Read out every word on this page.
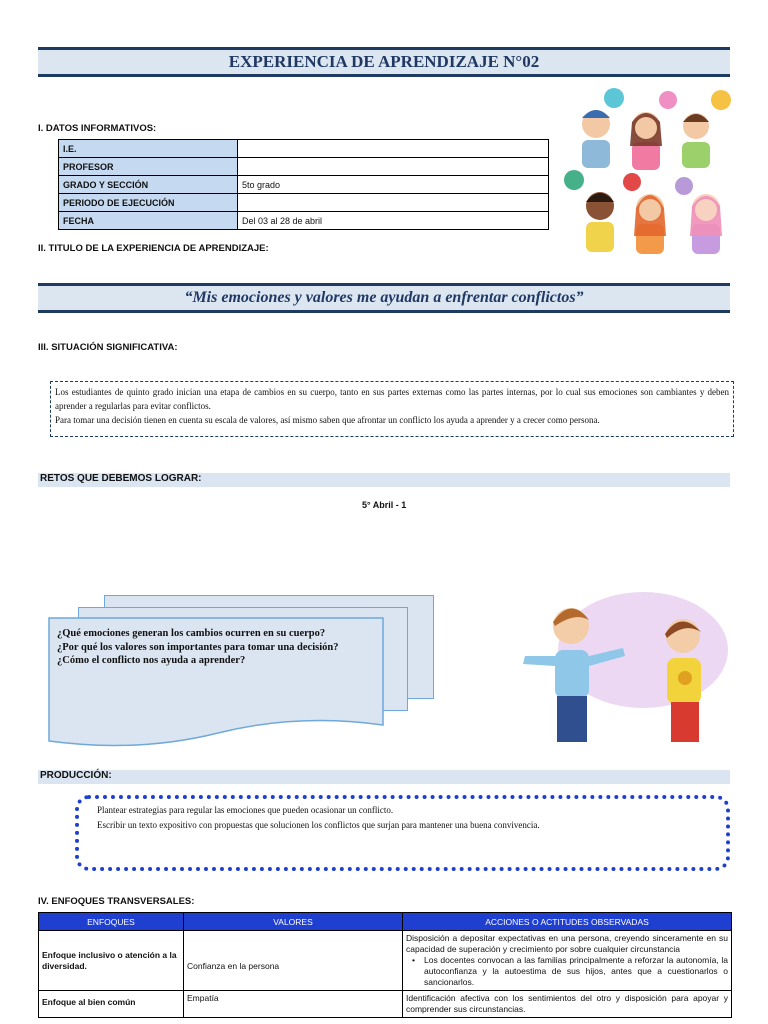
EXPERIENCIA DE APRENDIZAJE N°02
I. DATOS INFORMATIVOS:
I.E.	
PROFESOR	
GRADO Y SECCIÓN	5to grado
PERIODO DE EJECUCIÓN	
FECHA	Del 03 al 28 de abril
II. TITULO DE LA EXPERIENCIA DE APRENDIZAJE:
“Mis emociones y valores me ayudan a enfrentar conflictos”
III. SITUACIÓN SIGNIFICATIVA:
Los estudiantes de quinto grado inician una etapa de cambios en su cuerpo, tanto en sus partes externas como las partes internas, por lo cual sus emociones son cambiantes y deben aprender a regularlas para evitar conflictos.
Para tomar una decisión tienen en cuenta su escala de valores, así mismo saben que afrontar un conflicto los ayuda a aprender y a crecer como persona.
RETOS QUE DEBEMOS LOGRAR:
5° Abril - 1
¿Qué emociones generan los cambios ocurren en su cuerpo?
¿Por qué los valores son importantes para tomar una decisión?
¿Cómo el conflicto nos ayuda a aprender?
PRODUCCIÓN:
Plantear estrategias para regular las emociones que pueden ocasionar un conflicto.
Escribir un texto expositivo con propuestas que solucionen los conflictos que surjan para mantener una buena convivencia.
IV. ENFOQUES TRANSVERSALES:
ENFOQUES	VALORES	ACCIONES O ACTITUDES OBSERVADAS
Enfoque inclusivo o atención a la diversidad.	Confianza en la persona	Disposición a depositar expectativas en una persona, creyendo sinceramente en su capacidad de superación y crecimiento por sobre cualquier circunstancia
• Los docentes convocan a las familias principalmente a reforzar la autonomía, la autoconfianza y la autoestima de sus hijos, antes que a cuestionarlos o sancionarlos.

Enfoque al bien común	Empatía	Identificación afectiva con los sentimientos del otro y disposición para apoyar y comprender sus circunstancias.
